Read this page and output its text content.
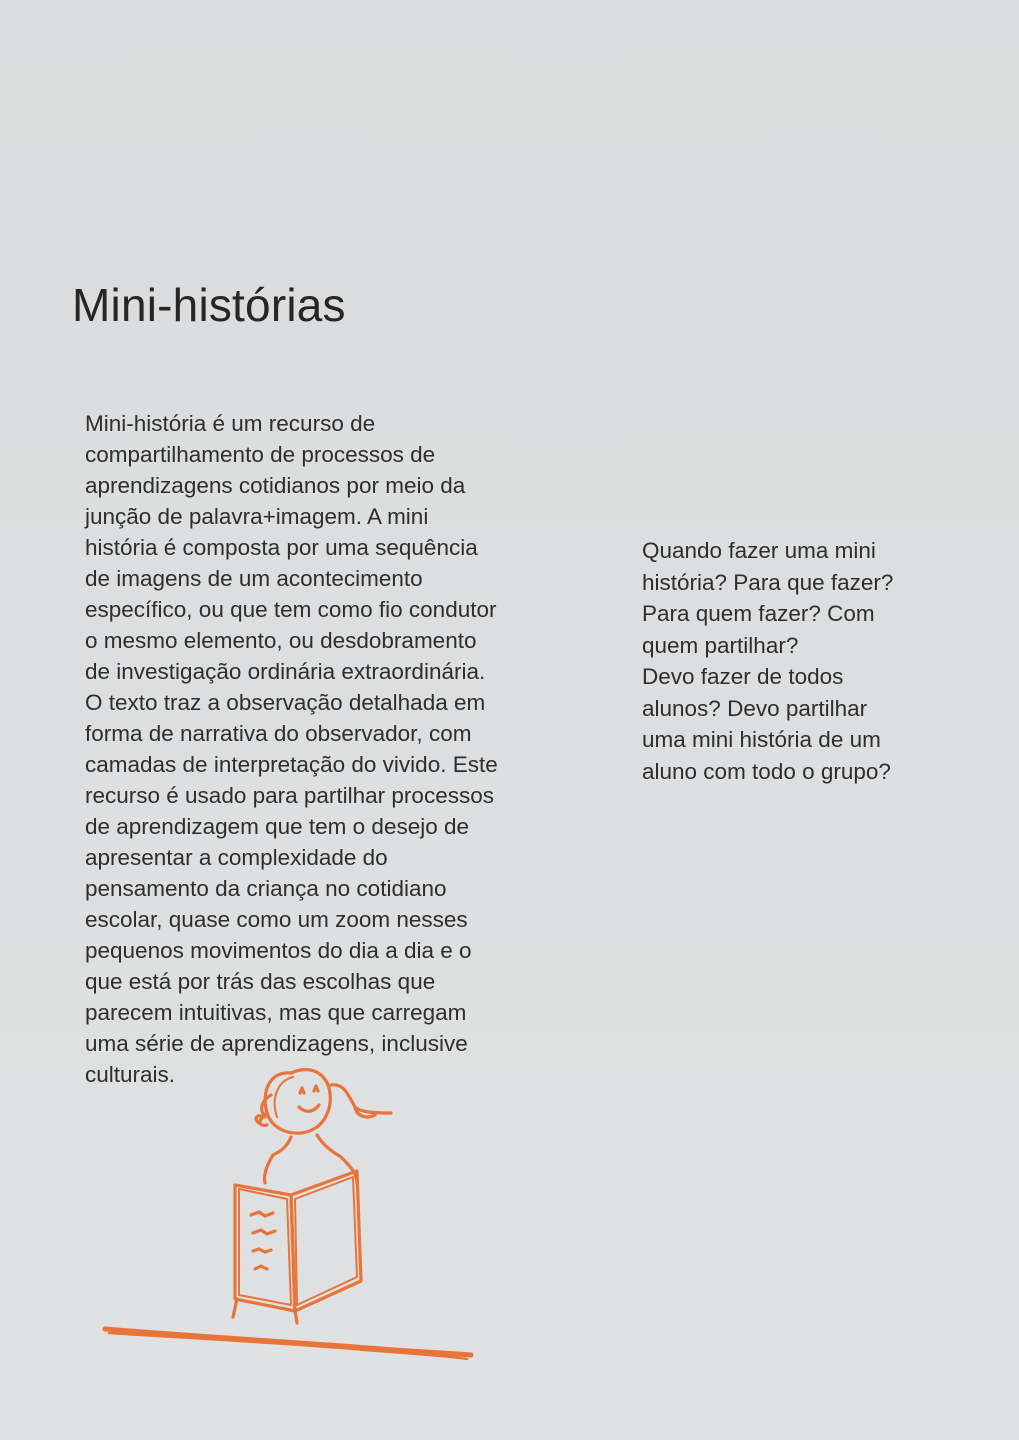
Mini-histórias
Mini-história é um recurso de
compartilhamento de processos de
aprendizagens cotidianos por meio da
junção de palavra+imagem. A mini
história é composta por uma sequência
de imagens de um acontecimento
específico, ou que tem como fio condutor
o mesmo elemento, ou desdobramento
de investigação ordinária extraordinária.
O texto traz a observação detalhada em
forma de narrativa do observador, com
camadas de interpretação do vivido. Este
recurso é usado para partilhar processos
de aprendizagem que tem o desejo de
apresentar a complexidade do
pensamento da criança no cotidiano
escolar, quase como um zoom nesses
pequenos movimentos do dia a dia e o
que está por trás das escolhas que
parecem intuitivas, mas que carregam
uma série de aprendizagens, inclusive
culturais.
Quando fazer uma mini
história? Para que fazer?
Para quem fazer? Com
quem partilhar?
Devo fazer de todos
alunos? Devo partilhar
uma mini história de um
aluno com todo o grupo?
